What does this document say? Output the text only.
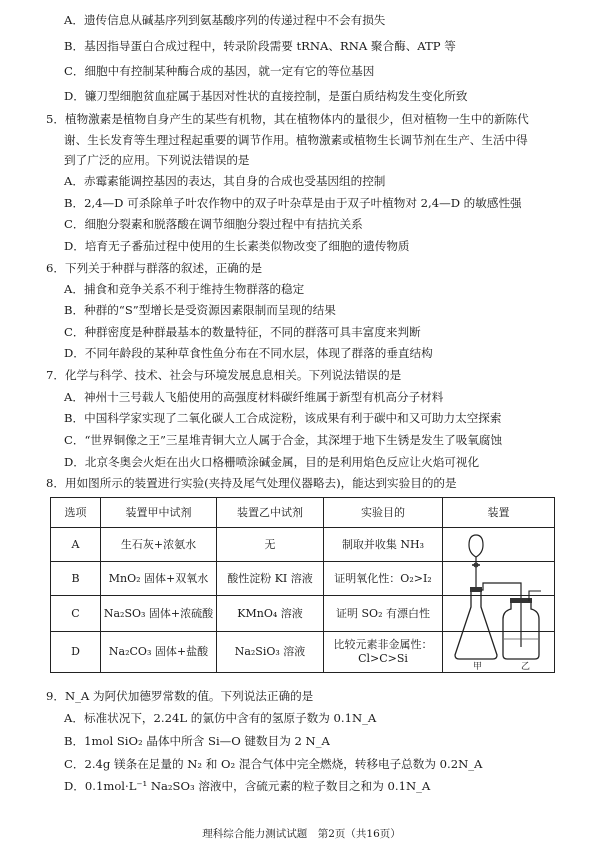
A．遗传信息从碱基序列到氨基酸序列的传递过程中不会有损失
B．基因指导蛋白合成过程中，转录阶段需要 tRNA、RNA 聚合酶、ATP 等
C．细胞中有控制某种酶合成的基因，就一定有它的等位基因
D．镰刀型细胞贫血症属于基因对性状的直接控制，是蛋白质结构发生变化所致
5．植物激素是植物自身产生的某些有机物，其在植物体内的量很少，但对植物一生中的新陈代
谢、生长发育等生理过程起重要的调节作用。植物激素或植物生长调节剂在生产、生活中得
到了广泛的应用。下列说法错误的是
A．赤霉素能调控基因的表达，其自身的合成也受基因组的控制
B．2,4—D 可杀除单子叶农作物中的双子叶杂草是由于双子叶植物对 2,4—D 的敏感性强
C．细胞分裂素和脱落酸在调节细胞分裂过程中有拮抗关系
D．培育无子番茄过程中使用的生长素类似物改变了细胞的遗传物质
6．下列关于种群与群落的叙述，正确的是
A．捕食和竞争关系不利于维持生物群落的稳定
B．种群的“S”型增长是受资源因素限制而呈现的结果
C．种群密度是种群最基本的数量特征，不同的群落可具丰富度来判断
D．不同年龄段的某种草食性鱼分布在不同水层，体现了群落的垂直结构
7．化学与科学、技术、社会与环境发展息息相关。下列说法错误的是
A．神州十三号载人飞船使用的高强度材料碳纤维属于新型有机高分子材料
B．中国科学家实现了二氧化碳人工合成淀粉，该成果有利于碳中和又可助力太空探索
C．“世界铜像之王”三星堆青铜大立人属于合金，其深埋于地下生锈是发生了吸氧腐蚀
D．北京冬奥会火炬在出火口格栅喷涂碱金属，目的是利用焰色反应让火焰可视化
8．用如图所示的装置进行实验(夹持及尾气处理仪器略去)，能达到实验目的的是
选项	装置甲中试剂	装置乙中试剂	实验目的	装置
A	生石灰+浓氨水	无	制取并收集 NH₃
B	MnO₂ 固体+双氧水	酸性淀粉 KI 溶液	证明氧化性：O₂>I₂
C	Na₂SO₃ 固体+浓硫酸	KMnO₄ 溶液	证明 SO₂ 有漂白性
D	Na₂CO₃ 固体+盐酸	Na₂SiO₃ 溶液
比较元素非金属性：
Cl>C>Si
甲	乙
9．N_A 为阿伏加德罗常数的值。下列说法正确的是
A．标准状况下，2.24L 的氯仿中含有的氢原子数为 0.1N_A
B．1mol SiO₂ 晶体中所含 Si—O 键数目为 2 N_A
C．2.4g 镁条在足量的 N₂ 和 O₂ 混合气体中完全燃烧，转移电子总数为 0.2N_A
D．0.1mol·L⁻¹ Na₂SO₃ 溶液中，含硫元素的粒子数目之和为 0.1N_A
理科综合能力测试试题　第2页（共16页）
